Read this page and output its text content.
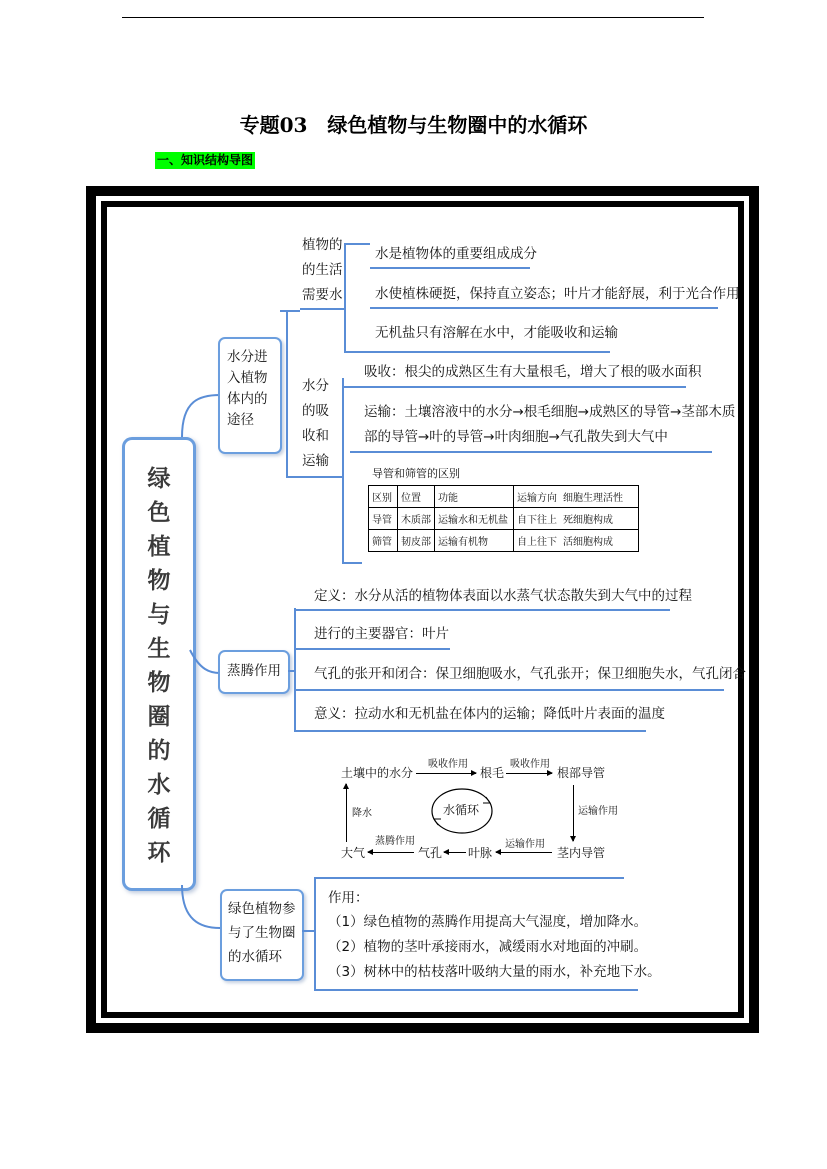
专题03　绿色植物与生物圈中的水循环
一、知识结构导图
绿
色
植
物
与
生
物
圈
的
水
循
环
水分进
入植物
体内的
途径
植物的
的生活
需要水
水是植物体的重要组成成分
水使植株硬挺，保持直立姿态；叶片才能舒展，利于光合作用
无机盐只有溶解在水中，才能吸收和运输
水分
的吸
收和
运输
吸收：根尖的成熟区生有大量根毛，增大了根的吸水面积
运输：土壤溶液中的水分→根毛细胞→成熟区的导管→茎部木质
部的导管→叶的导管→叶肉细胞→气孔散失到大气中
导管和筛管的区别
区别	位置	功能	运输方向	细胞生理活性
导管	木质部	运输水和无机盐	自下往上	死细胞构成
筛管	韧皮部	运输有机物	自上往下	活细胞构成
蒸腾作用
定义：水分从活的植物体表面以水蒸气状态散失到大气中的过程
进行的主要器官：叶片
气孔的张开和闭合：保卫细胞吸水，气孔张开；保卫细胞失水，气孔闭合
意义：拉动水和无机盐在体内的运输；降低叶片表面的温度
土壤中的水分
吸收作用
根毛
吸收作用
根部导管
运输作用
降水	水循环
大气
蒸腾作用
气孔 叶脉
运输作用
茎内导管
绿色植物参
与了生物圈
的水循环
作用：
（1）绿色植物的蒸腾作用提高大气湿度，增加降水。
（2）植物的茎叶承接雨水，减缓雨水对地面的冲刷。
（3）树林中的枯枝落叶吸纳大量的雨水，补充地下水。
